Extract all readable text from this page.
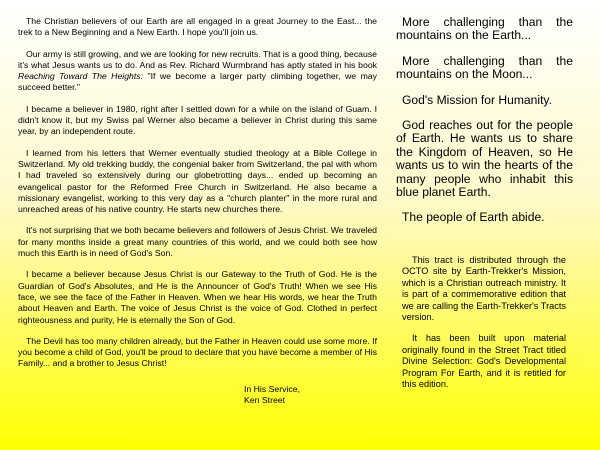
The Christian believers of our Earth are all engaged in a great Journey to the East... the trek to a New Beginning and a New Earth. I hope you'll join us.

Our army is still growing, and we are looking for new recruits. That is a good thing, because it's what Jesus wants us to do. And as Rev. Richard Wurmbrand has aptly stated in his book Reaching Toward The Heights: "If we become a larger party climbing together, we may succeed better."

I became a believer in 1980, right after I settled down for a while on the island of Guam. I didn't know it, but my Swiss pal Werner also became a believer in Christ during this same year, by an independent route.

I learned from his letters that Werner eventually studied theology at a Bible College in Switzerland. My old trekking buddy, the congenial baker from Switzerland, the pal with whom I had traveled so extensively during our globetrotting days... ended up becoming an evangelical pastor for the Reformed Free Church in Switzerland. He also became a missionary evangelist, working to this very day as a "church planter" in the more rural and unreached areas of his native country. He starts new churches there.

It's not surprising that we both became believers and followers of Jesus Christ. We traveled for many months inside a great many countries of this world, and we could both see how much this Earth is in need of God's Son.

I became a believer because Jesus Christ is our Gateway to the Truth of God. He is the Guardian of God's Absolutes, and He is the Announcer of God's Truth! When we see His face, we see the face of the Father in Heaven. When we hear His words, we hear the Truth about Heaven and Earth. The voice of Jesus Christ is the voice of God. Clothed in perfect righteousness and purity, He is eternally the Son of God.

The Devil has too many children already, but the Father in Heaven could use some more. If you become a child of God, you'll be proud to declare that you have become a member of His Family... and a brother to Jesus Christ!

In His Service,
Ken Street

More challenging than the mountains on the Earth...

More challenging than the mountains on the Moon...

God's Mission for Humanity.

God reaches out for the people of Earth. He wants us to share the Kingdom of Heaven, so He wants us to win the hearts of the many people who inhabit this blue planet Earth.

The people of Earth abide.

This tract is distributed through the OCTO site by Earth-Trekker's Mission, which is a Christian outreach ministry. It is part of a commemorative edition that we are calling the Earth-Trekker's Tracts version.

It has been built upon material originally found in the Street Tract titled Divine Selection: God's Developmental Program For Earth, and it is retitled for this edition.
